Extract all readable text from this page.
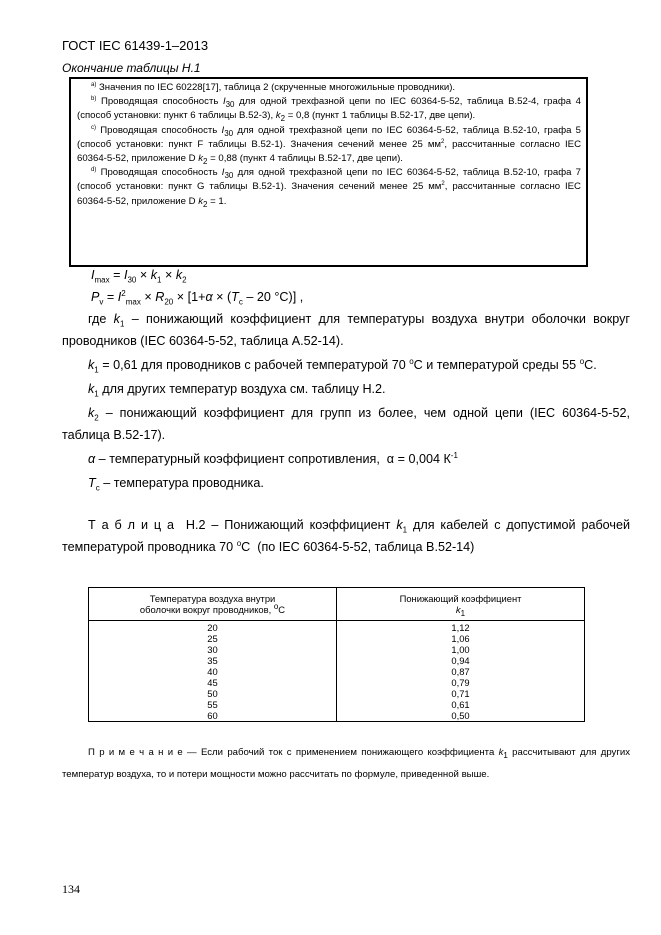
ГОСТ IEC 61439-1–2013
Окончание таблицы Н.1

$^{a)}$ Значения по IEC 60228[17], таблица 2 (скрученные многожильные проводники).

$^{b)}$ Проводящая способность $I_{30}$ для одной трехфазной цепи по IEC 60364-5-52, таблица В.52-4, графа 4 (способ установки: пункт 6 таблицы В.52-3), $k_2 = 0,8$ (пункт 1 таблицы В.52-17, две цепи).

$^{c)}$ Проводящая способность $I_{30}$ для одной трехфазной цепи по IEC 60364-5-52, таблица В.52-10, графа 5 (способ установки: пункт F таблицы В.52-1). Значения сечений менее 25 $мм^2$, рассчитанные согласно IEC 60364-5-52, приложение D $k_2 = 0,88$ (пункт 4 таблицы В.52-17, две цепи).

$^{d)}$ Проводящая способность $I_{30}$ для одной трехфазной цепи по IEC 60364-5-52, таблица В.52-10, графа 7 (способ установки: пункт G таблицы В.52-1). Значения сечений менее 25 $мм^2$, рассчитанные согласно IEC 60364-5-52, приложение D $k_2 = 1$.

$I_{max} = I_{30} \times k_1 \times k_2$
$P_v = I^2_{max} \times R_{20} \times [1+\alpha \times (T_c - 20$ °C)] ,
где $k_1$ – понижающий коэффициент для температуры воздуха внутри оболочки вокруг проводников (IEC 60364-5-52, таблица А.52-14).
$k_1 = 0,61$ для проводников с рабочей температурой 70 $^о$С и температурой среды 55 $^о$С.
$k_1$ для других температур воздуха см. таблицу Н.2.
$k_2$ – понижающий коэффициент для групп из более, чем одной цепи (IEC 60364-5-52, таблица В.52-17).
α – температурный коэффициент сопротивления,  α = 0,004 $К^{-1}$
$T_c$ – температура проводника.
Т а б л и ц а  Н.2 – Понижающий коэффициент $k_1$ для кабелей с допустимой рабочей температурой проводника 70 $^о$С  (по IEC 60364-5-52, таблица В.52-14)
Температура воздуха внутри
оболочки вокруг проводников, $^о$С	Понижающий коэффициент
$k_1$
20	1,12
25	1,06
30	1,00
35	0,94
40	0,87
45	0,79
50	0,71
55	0,61
60	0,50
П р и м е ч а н и е — Если рабочий ток с применением понижающего коэффициента $k_1$ рассчитывают для других температур воздуха, то и потери мощности можно рассчитать по формуле, приведенной выше.
134
